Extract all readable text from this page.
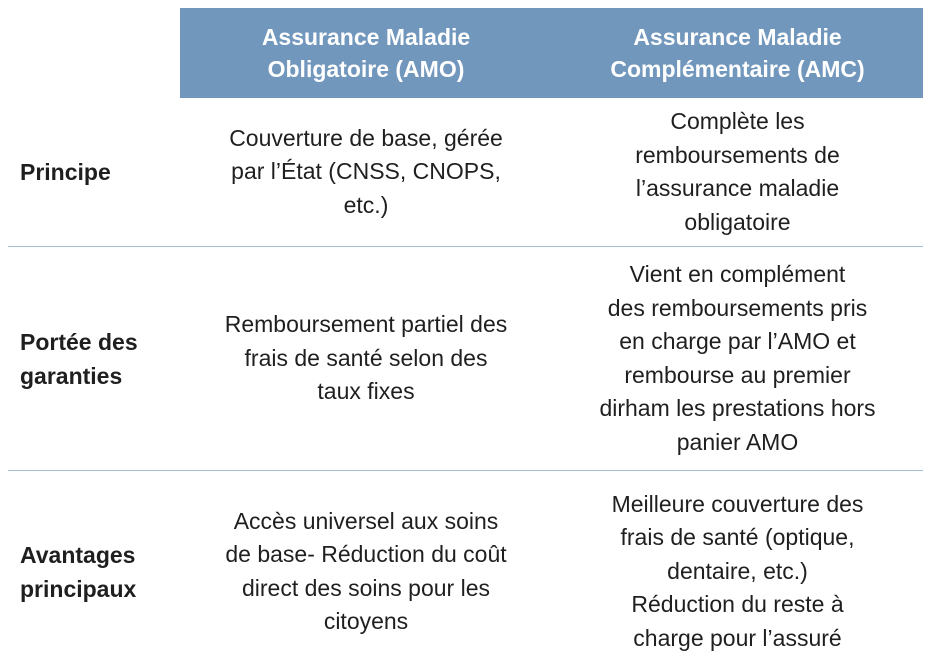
Assurance Maladie
Obligatoire (AMO)
Assurance Maladie
Complémentaire (AMC)
Principe
Couverture de base, gérée
par l’État (CNSS, CNOPS,
etc.)
Complète les
remboursements de
l’assurance maladie
obligatoire
Portée des
garanties
Remboursement partiel des
frais de santé selon des
taux fixes
Vient en complément
des remboursements pris
en charge par l’AMO et
rembourse au premier
dirham les prestations hors
panier AMO
Avantages
principaux
Accès universel aux soins
de base- Réduction du coût
direct des soins pour les
citoyens
Meilleure couverture des
frais de santé (optique,
dentaire, etc.)
Réduction du reste à
charge pour l’assuré
